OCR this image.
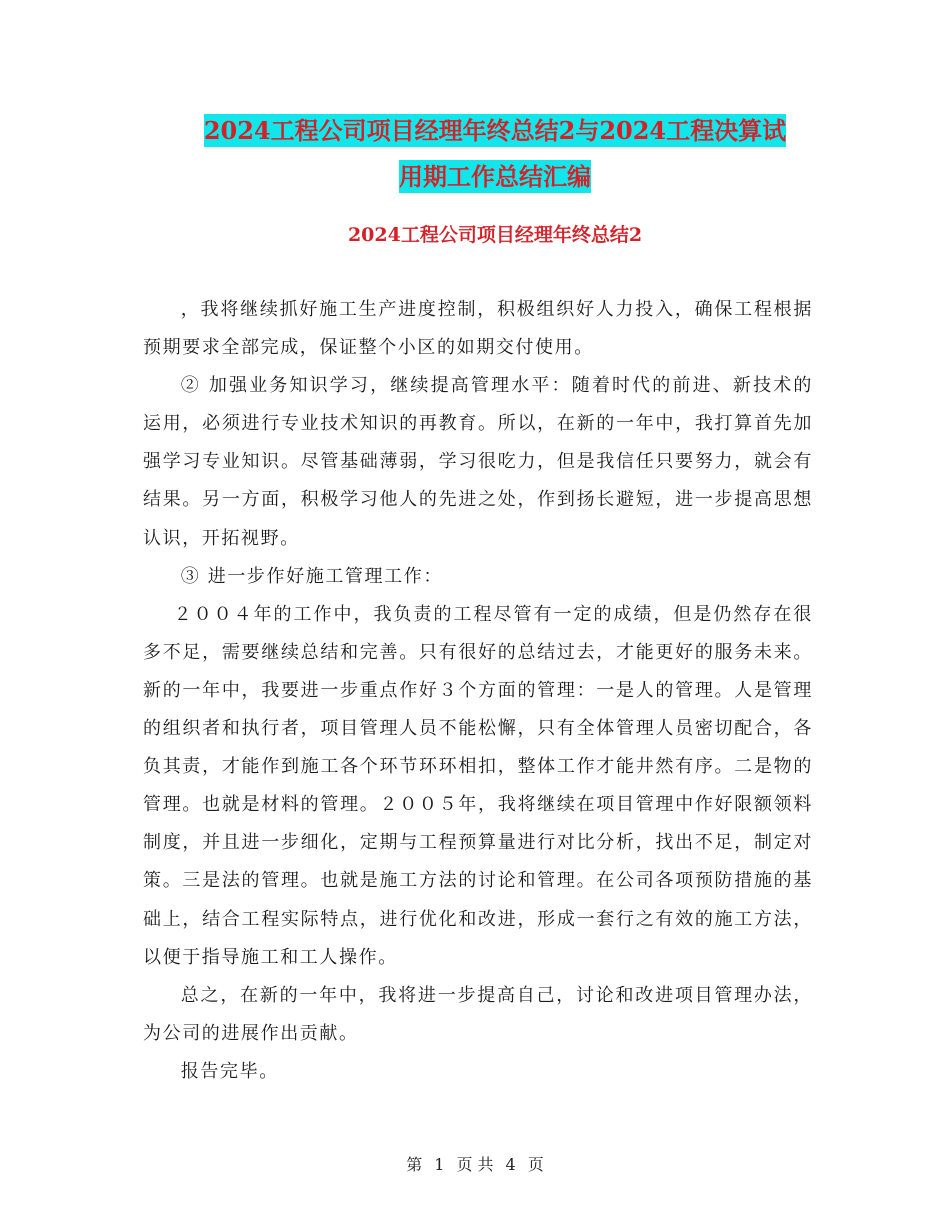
2024工程公司项目经理年终总结2与2024工程决算试
用期工作总结汇编
2024工程公司项目经理年终总结2

，我将继续抓好施工生产进度控制，积极组织好人力投入，确保工程根据预期要求全部完成，保证整个小区的如期交付使用。

② 加强业务知识学习，继续提高管理水平：随着时代的前进、新技术的运用，必须进行专业技术知识的再教育。所以，在新的一年中，我打算首先加强学习专业知识。尽管基础薄弱，学习很吃力，但是我信任只要努力，就会有结果。另一方面，积极学习他人的先进之处，作到扬长避短，进一步提高思想认识，开拓视野。

③ 进一步作好施工管理工作：

２００４年的工作中，我负责的工程尽管有一定的成绩，但是仍然存在很多不足，需要继续总结和完善。只有很好的总结过去，才能更好的服务未来。新的一年中，我要进一步重点作好３个方面的管理：一是人的管理。人是管理的组织者和执行者，项目管理人员不能松懈，只有全体管理人员密切配合，各负其责，才能作到施工各个环节环环相扣，整体工作才能井然有序。二是物的管理。也就是材料的管理。２００５年，我将继续在项目管理中作好限额领料制度，并且进一步细化，定期与工程预算量进行对比分析，找出不足，制定对策。三是法的管理。也就是施工方法的讨论和管理。在公司各项预防措施的基础上，结合工程实际特点，进行优化和改进，形成一套行之有效的施工方法，以便于指导施工和工人操作。

总之，在新的一年中，我将进一步提高自己，讨论和改进项目管理办法，为公司的进展作出贡献。

报告完毕。

第 1 页 共 4 页
